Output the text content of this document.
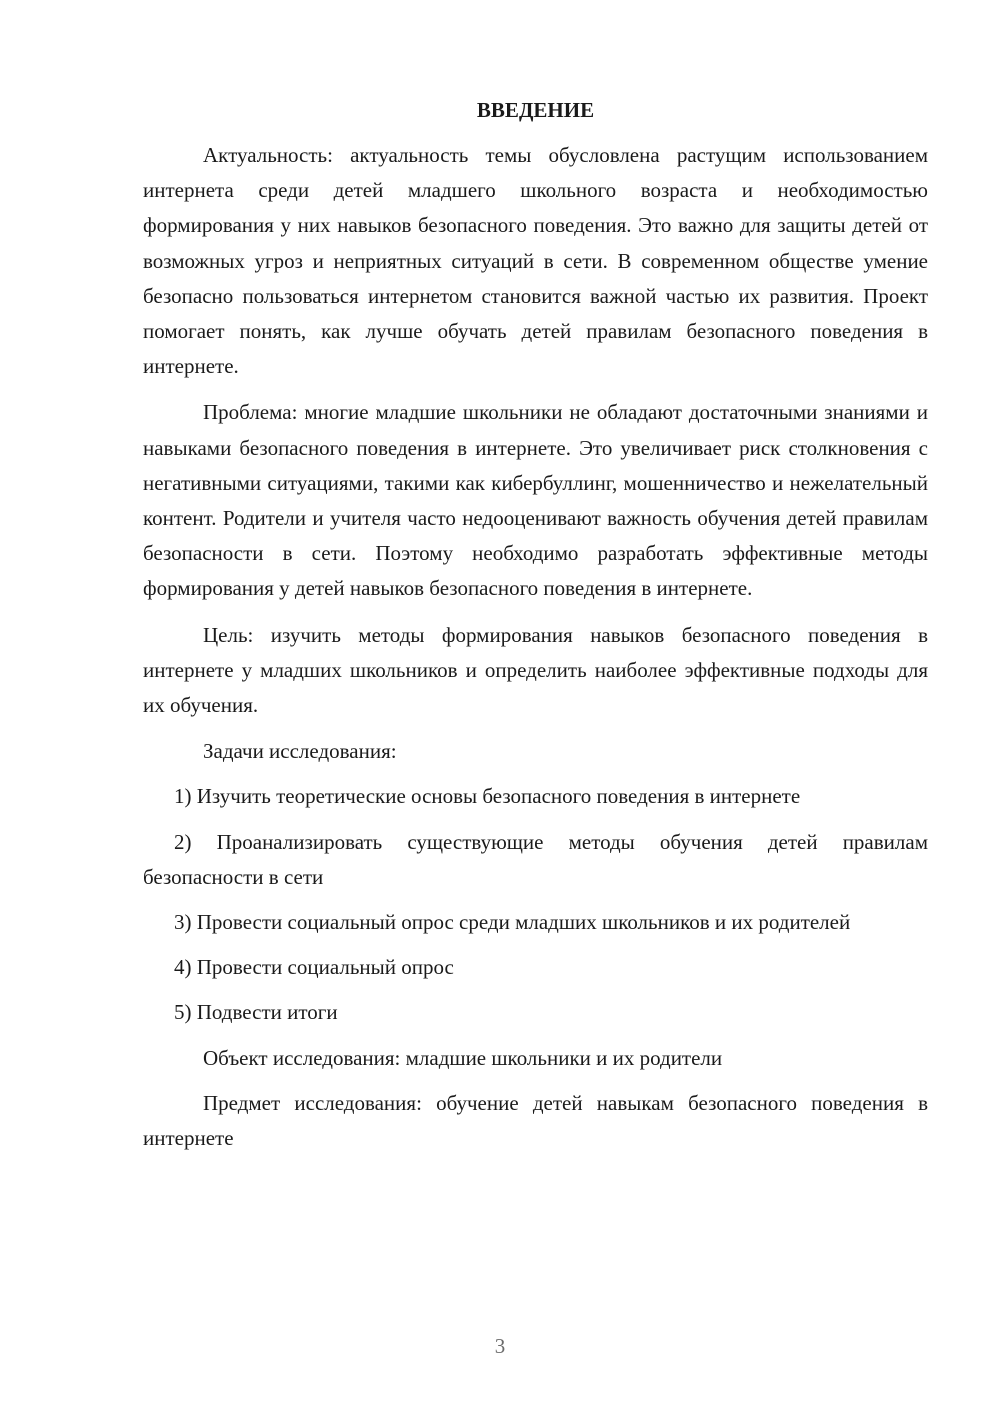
ВВЕДЕНИЕ

Актуальность: актуальность темы обусловлена растущим использованием интернета среди детей младшего школьного возраста и необходимостью формирования у них навыков безопасного поведения. Это важно для защиты детей от возможных угроз и неприятных ситуаций в сети. В современном обществе умение безопасно пользоваться интернетом становится важной частью их развития. Проект помогает понять, как лучше обучать детей правилам безопасного поведения в интернете.

Проблема: многие младшие школьники не обладают достаточными знаниями и навыками безопасного поведения в интернете. Это увеличивает риск столкновения с негативными ситуациями, такими как кибербуллинг, мошенничество и нежелательный контент. Родители и учителя часто недооценивают важность обучения детей правилам безопасности в сети. Поэтому необходимо разработать эффективные методы формирования у детей навыков безопасного поведения в интернете.

Цель: изучить методы формирования навыков безопасного поведения в интернете у младших школьников и определить наиболее эффективные подходы для их обучения.

Задачи исследования:

1) Изучить теоретические основы безопасного поведения в интернете

2) Проанализировать существующие методы обучения детей правилам безопасности в сети

3) Провести социальный опрос среди младших школьников и их родителей

4) Провести социальный опрос

5) Подвести итоги

Объект исследования: младшие школьники и их родители

Предмет исследования: обучение детей навыкам безопасного поведения в интернете

3
